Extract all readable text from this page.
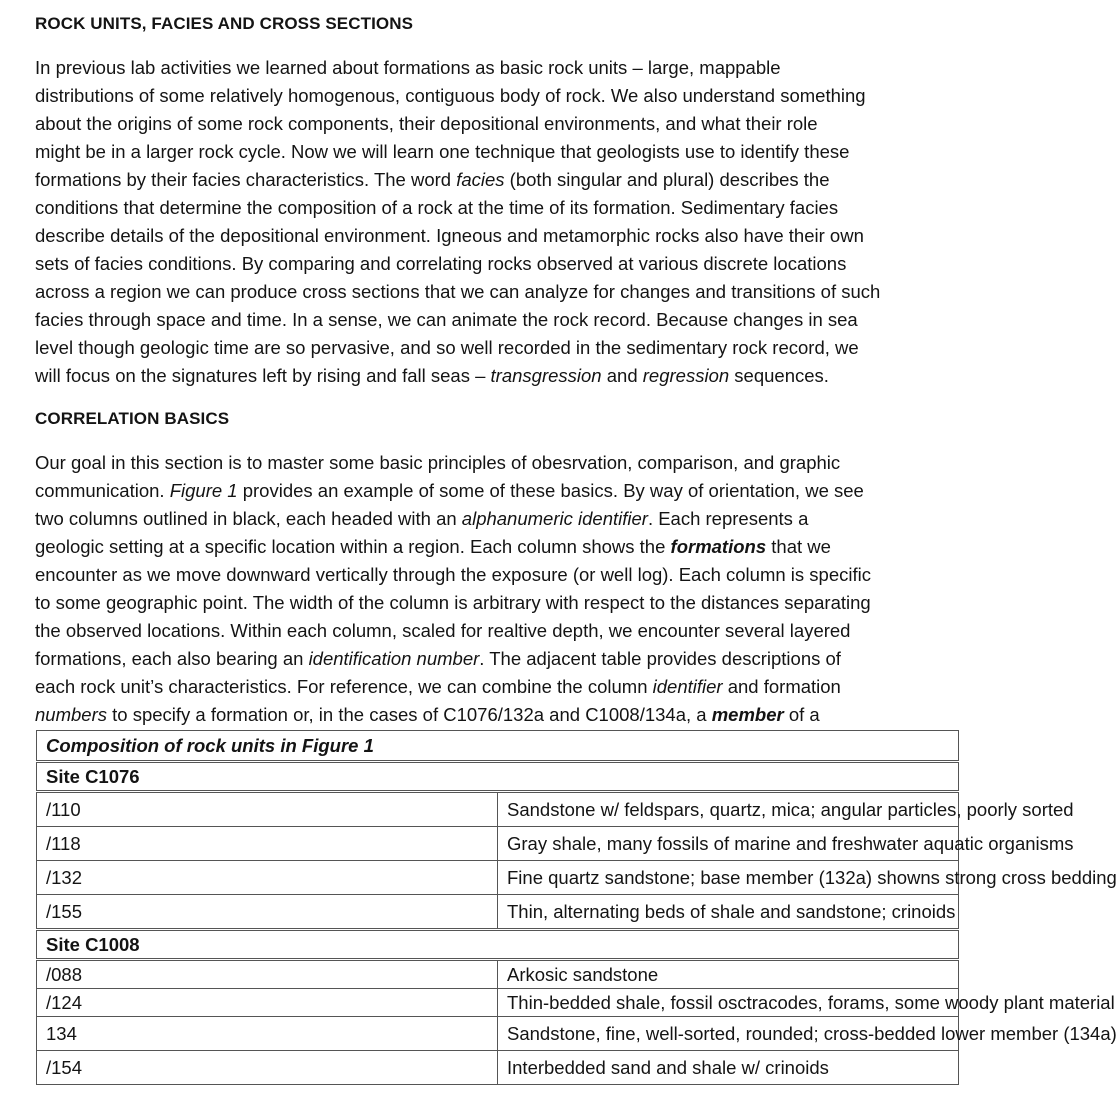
ROCK UNITS, FACIES AND CROSS SECTIONS

In previous lab activities we learned about formations as basic rock units – large, mappable
distributions of some relatively homogenous, contiguous body of rock. We also understand something
about the origins of some rock components, their depositional environments, and what their role
might be in a larger rock cycle. Now we will learn one technique that geologists use to identify these
formations by their facies characteristics. The word facies (both singular and plural) describes the
conditions that determine the composition of a rock at the time of its formation. Sedimentary facies
describe details of the depositional environment. Igneous and metamorphic rocks also have their own
sets of facies conditions. By comparing and correlating rocks observed at various discrete locations
across a region we can produce cross sections that we can analyze for changes and transitions of such
facies through space and time. In a sense, we can animate the rock record. Because changes in sea
level though geologic time are so pervasive, and so well recorded in the sedimentary rock record, we
will focus on the signatures left by rising and fall seas – transgression and regression sequences.

CORRELATION BASICS

Our goal in this section is to master some basic principles of obesrvation, comparison, and graphic
communication. Figure 1 provides an example of some of these basics. By way of orientation, we see
two columns outlined in black, each headed with an alphanumeric identifier. Each represents a
geologic setting at a specific location within a region. Each column shows the formations that we
encounter as we move downward vertically through the exposure (or well log). Each column is specific
to some geographic point. The width of the column is arbitrary with respect to the distances separating
the observed locations. Within each column, scaled for realtive depth, we encounter several layered
formations, each also bearing an identification number. The adjacent table provides descriptions of
each rock unit’s characteristics. For reference, we can combine the column identifier and formation
numbers to specify a formation or, in the cases of C1076/132a and C1008/134a, a member of a

Composition of rock units in Figure 1	
Site C1076	
/110	Sandstone w/ feldspars, quartz, mica; angular particles, poorly sorted
/118	Gray shale, many fossils of marine and freshwater aquatic organisms
/132	Fine quartz sandstone; base member (132a) showns strong cross bedding
/155	Thin, alternating beds of shale and sandstone; crinoids
Site C1008	
/088	Arkosic sandstone
/124	Thin-bedded shale, fossil osctracodes, forams, some woody plant material
134	Sandstone, fine, well-sorted, rounded; cross-bedded lower member (134a)
/154	Interbedded sand and shale w/ crinoids
